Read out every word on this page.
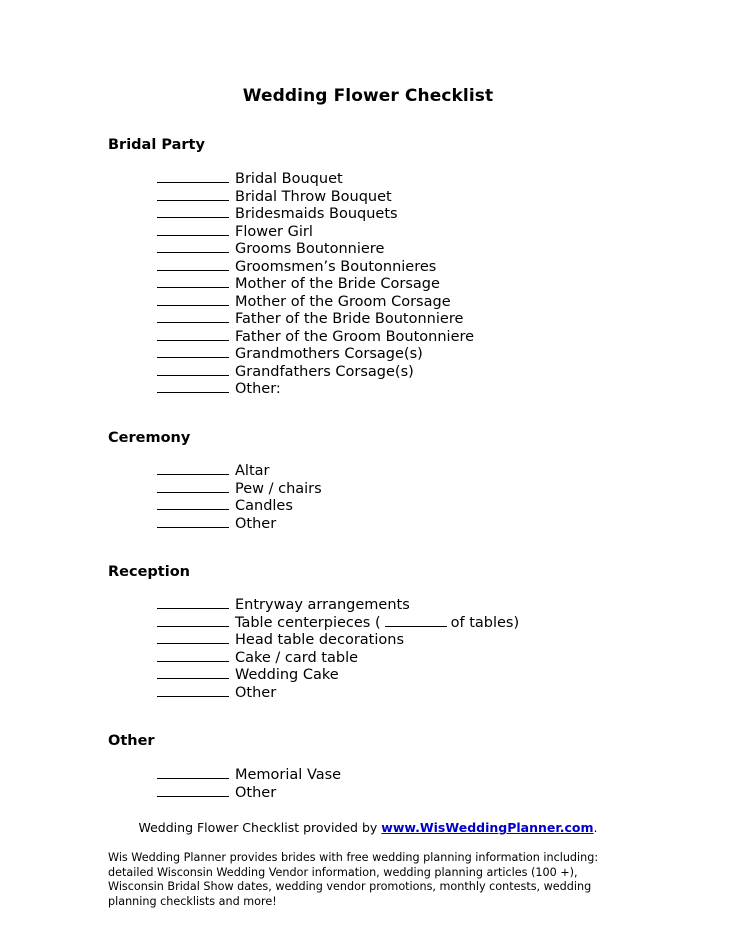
Wedding Flower Checklist
Bridal Party
Bridal Bouquet
Bridal Throw Bouquet
Bridesmaids Bouquets
Flower Girl
Grooms Boutonniere
Groomsmen’s Boutonnieres
Mother of the Bride Corsage
Mother of the Groom Corsage
Father of the Bride Boutonniere
Father of the Groom Boutonniere
Grandmothers Corsage(s)
Grandfathers Corsage(s)
Other:
Ceremony
Altar
Pew / chairs
Candles
Other
Reception
Entryway arrangements
Table centerpieces (	of tables)
Head table decorations
Cake / card table
Wedding Cake
Other
Other
Memorial Vase
Other
Wedding Flower Checklist provided by www.WisWeddingPlanner.com.
Wis Wedding Planner provides brides with free wedding planning information including: detailed Wisconsin Wedding Vendor information, wedding planning articles (100 +), Wisconsin Bridal Show dates, wedding vendor promotions, monthly contests, wedding planning checklists and more!
